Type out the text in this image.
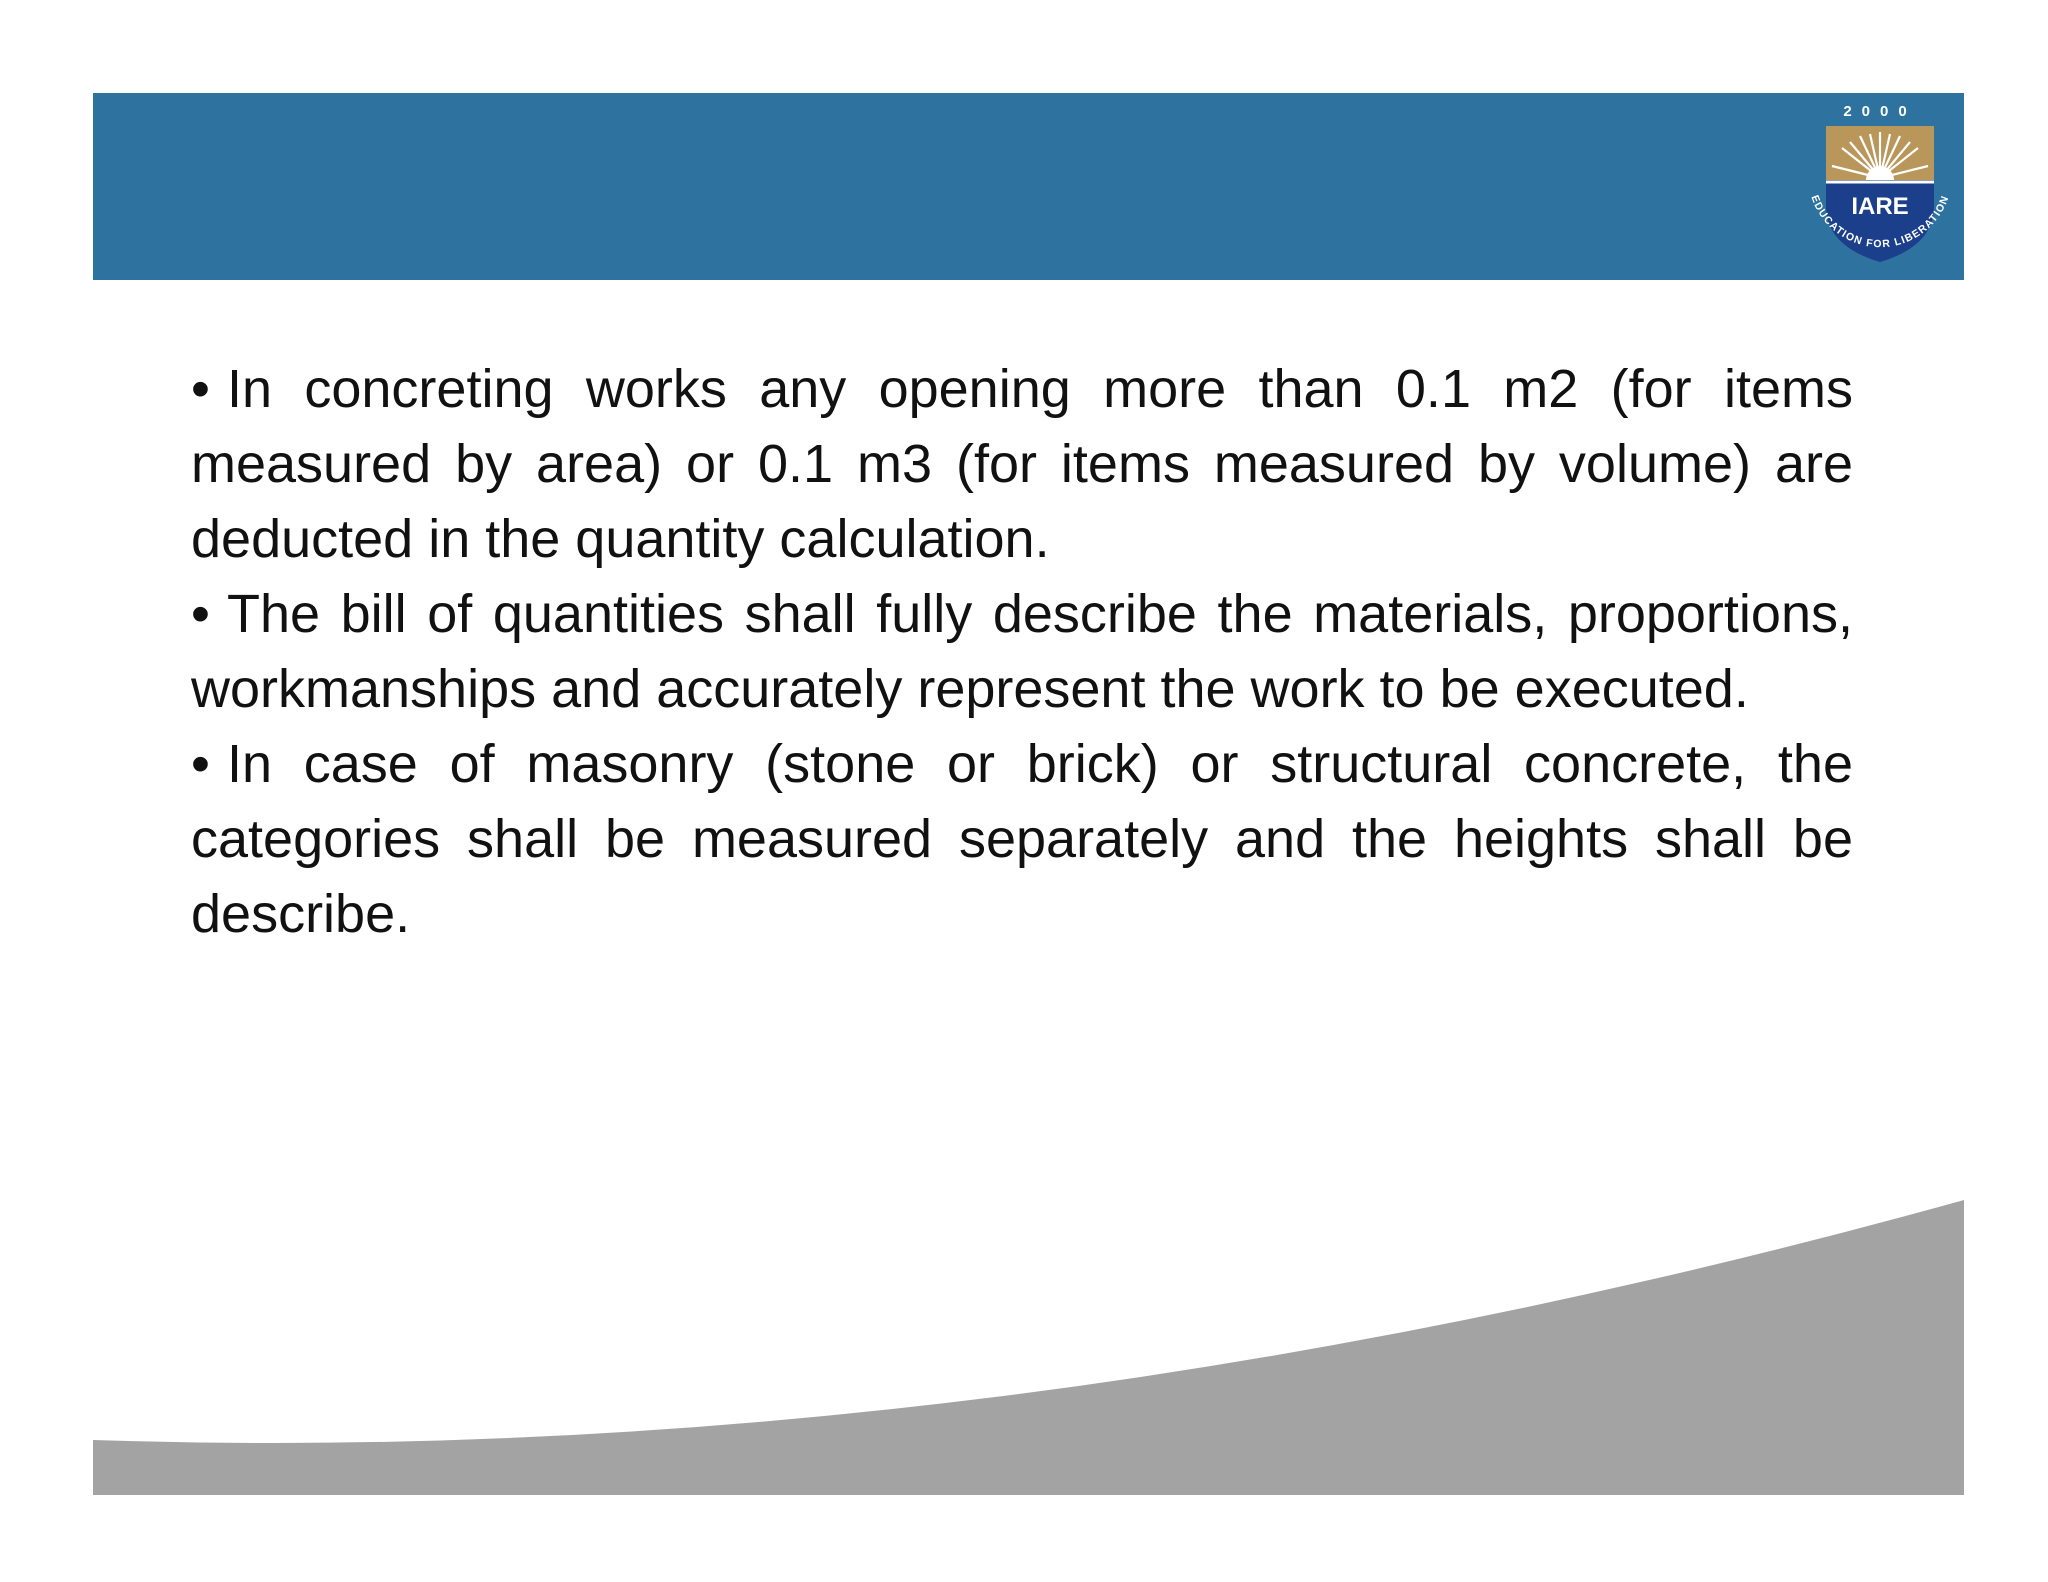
2000
IARE
EDUCATION FOR LIBERATION

• In concreting works any opening more than 0.1 m2 (for items measured by area) or 0.1 m3 (for items measured by volume) are deducted in the quantity calculation.

• The bill of quantities shall fully describe the materials, proportions, workmanships and accurately represent the work to be executed.

• In case of masonry (stone or brick) or structural concrete, the categories shall be measured separately and the heights shall be describe.
